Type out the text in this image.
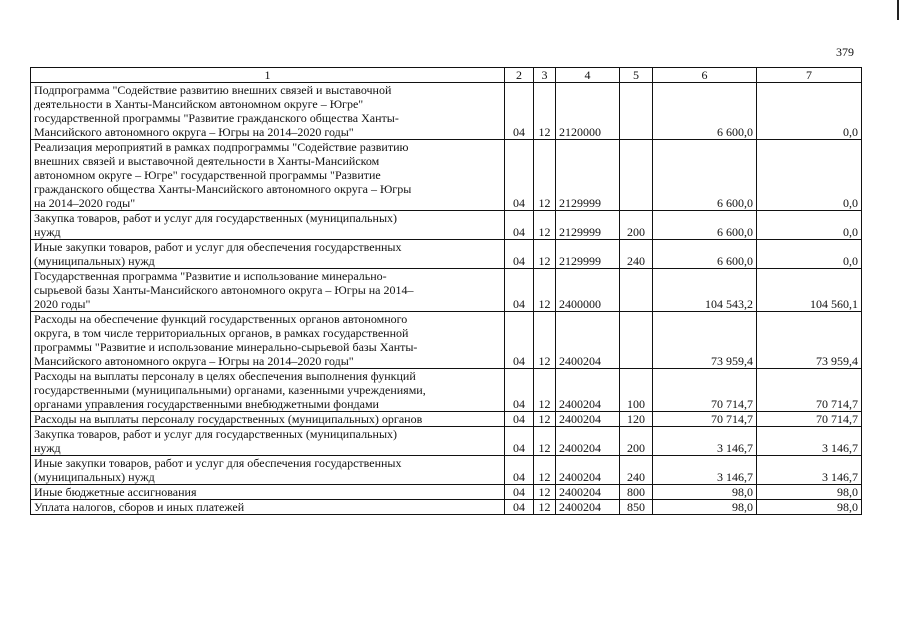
379
1	2	3	4	5	6	7
Подпрограмма "Содействие развитию внешних связей и выставочной
деятельности в Ханты-Мансийском автономном округе – Югре"
государственной программы "Развитие гражданского общества Ханты-
Мансийского автономного округа – Югры на 2014–2020 годы"	04	12	2120000		6 600,0	0,0
Реализация мероприятий в рамках подпрограммы "Содействие развитию
внешних связей и выставочной деятельности в Ханты-Мансийском
автономном округе – Югре" государственной программы "Развитие
гражданского общества Ханты-Мансийского автономного округа – Югры
на 2014–2020 годы"	04	12	2129999		6 600,0	0,0
Закупка товаров, работ и услуг для государственных (муниципальных)
нужд	04	12	2129999	200	6 600,0	0,0
Иные закупки товаров, работ и услуг для обеспечения государственных
(муниципальных) нужд	04	12	2129999	240	6 600,0	0,0
Государственная программа "Развитие и использование минерально-
сырьевой базы Ханты-Мансийского автономного округа – Югры на 2014–
2020 годы"	04	12	2400000		104 543,2	104 560,1
Расходы на обеспечение функций государственных органов автономного
округа, в том числе территориальных органов, в рамках государственной
программы "Развитие и использование минерально-сырьевой базы Ханты-
Мансийского автономного округа – Югры на 2014–2020 годы"	04	12	2400204		73 959,4	73 959,4
Расходы на выплаты персоналу в целях обеспечения выполнения функций
государственными (муниципальными) органами, казенными учреждениями,
органами управления государственными внебюджетными фондами	04	12	2400204	100	70 714,7	70 714,7
Расходы на выплаты персоналу государственных (муниципальных) органов	04	12	2400204	120	70 714,7	70 714,7
Закупка товаров, работ и услуг для государственных (муниципальных)
нужд	04	12	2400204	200	3 146,7	3 146,7
Иные закупки товаров, работ и услуг для обеспечения государственных
(муниципальных) нужд	04	12	2400204	240	3 146,7	3 146,7
Иные бюджетные ассигнования	04	12	2400204	800	98,0	98,0
Уплата налогов, сборов и иных платежей	04	12	2400204	850	98,0	98,0
